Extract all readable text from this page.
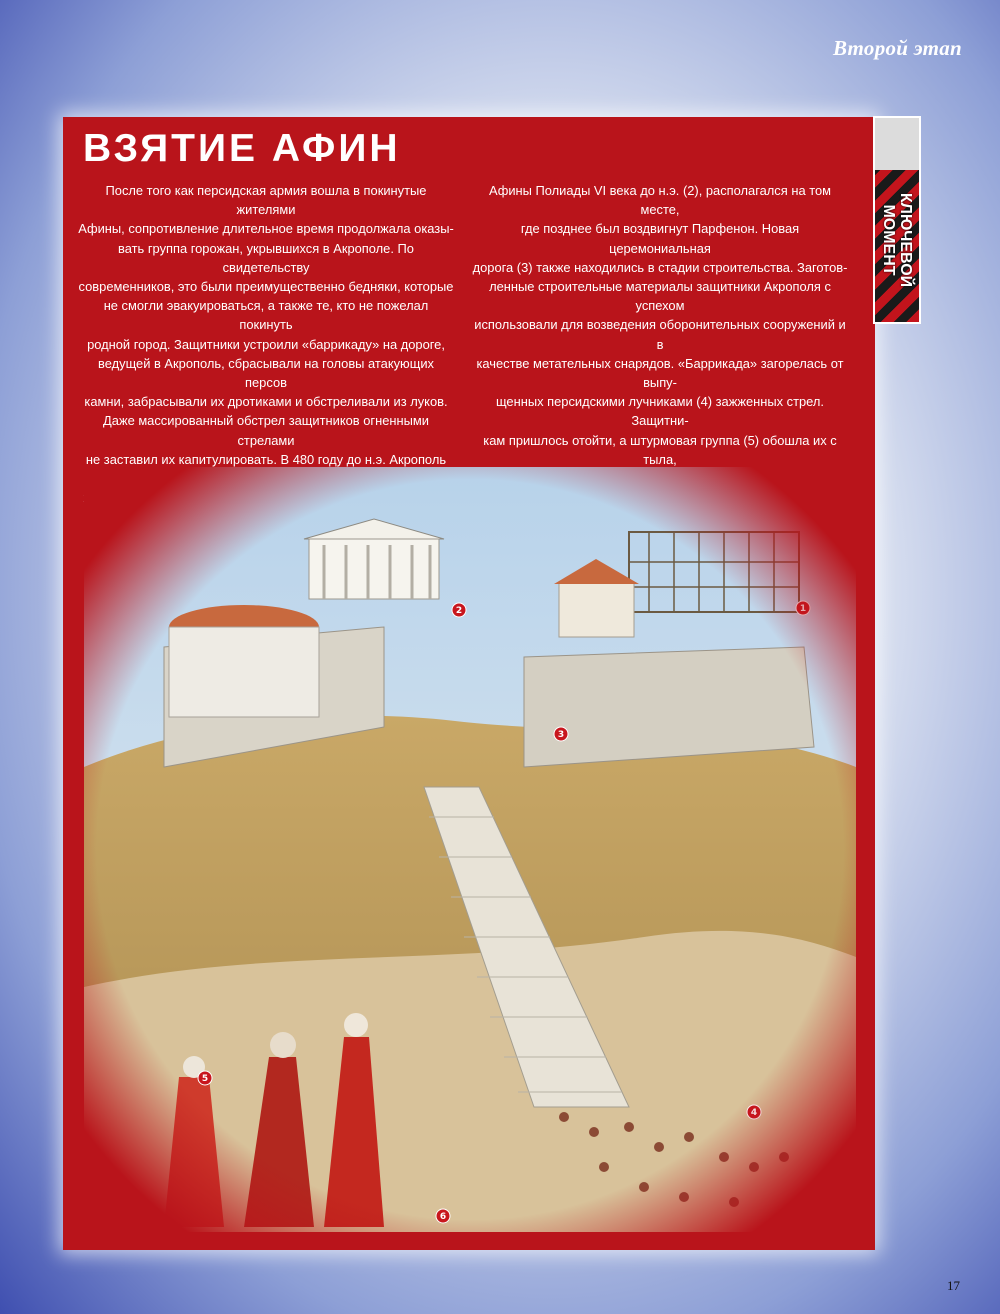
Второй этап
ВЗЯТИЕ АФИН

После того как персидская армия вошла в покинутые жителями
Афины, сопротивление длительное время продолжала оказы-
вать группа горожан, укрывшихся в Акрополе. По свидетельству
современников, это были преимущественно бедняки, которые
не смогли эвакуироваться, а также те, кто не пожелал покинуть
родной город. Защитники устроили «баррикаду» на дороге,
ведущей в Акрополь, сбрасывали на головы атакующих персов
камни, забрасывали их дротиками и обстреливали из луков.
Даже массированный обстрел защитников огненными стрелами
не заставил их капитулировать. В 480 году до н.э. Акрополь

Афины Полиады VI века до н.э. (2), располагался на том месте,
где позднее был воздвигнут Парфенон. Новая церемониальная
дорога (3) также находились в стадии строительства. Заготов-
ленные строительные материалы защитники Акрополя с успехом
использовали для возведения оборонительных сооружений и в
качестве метательных снарядов. «Баррикада» загорелась от выпу-
щенных персидскими лучниками (4) зажженных стрел. Защитни-
кам пришлось отойти, а штурмовая группа (5) обошла их с тыла,

КЛЮЧЕВОЙ
МОМЕНТ
17
